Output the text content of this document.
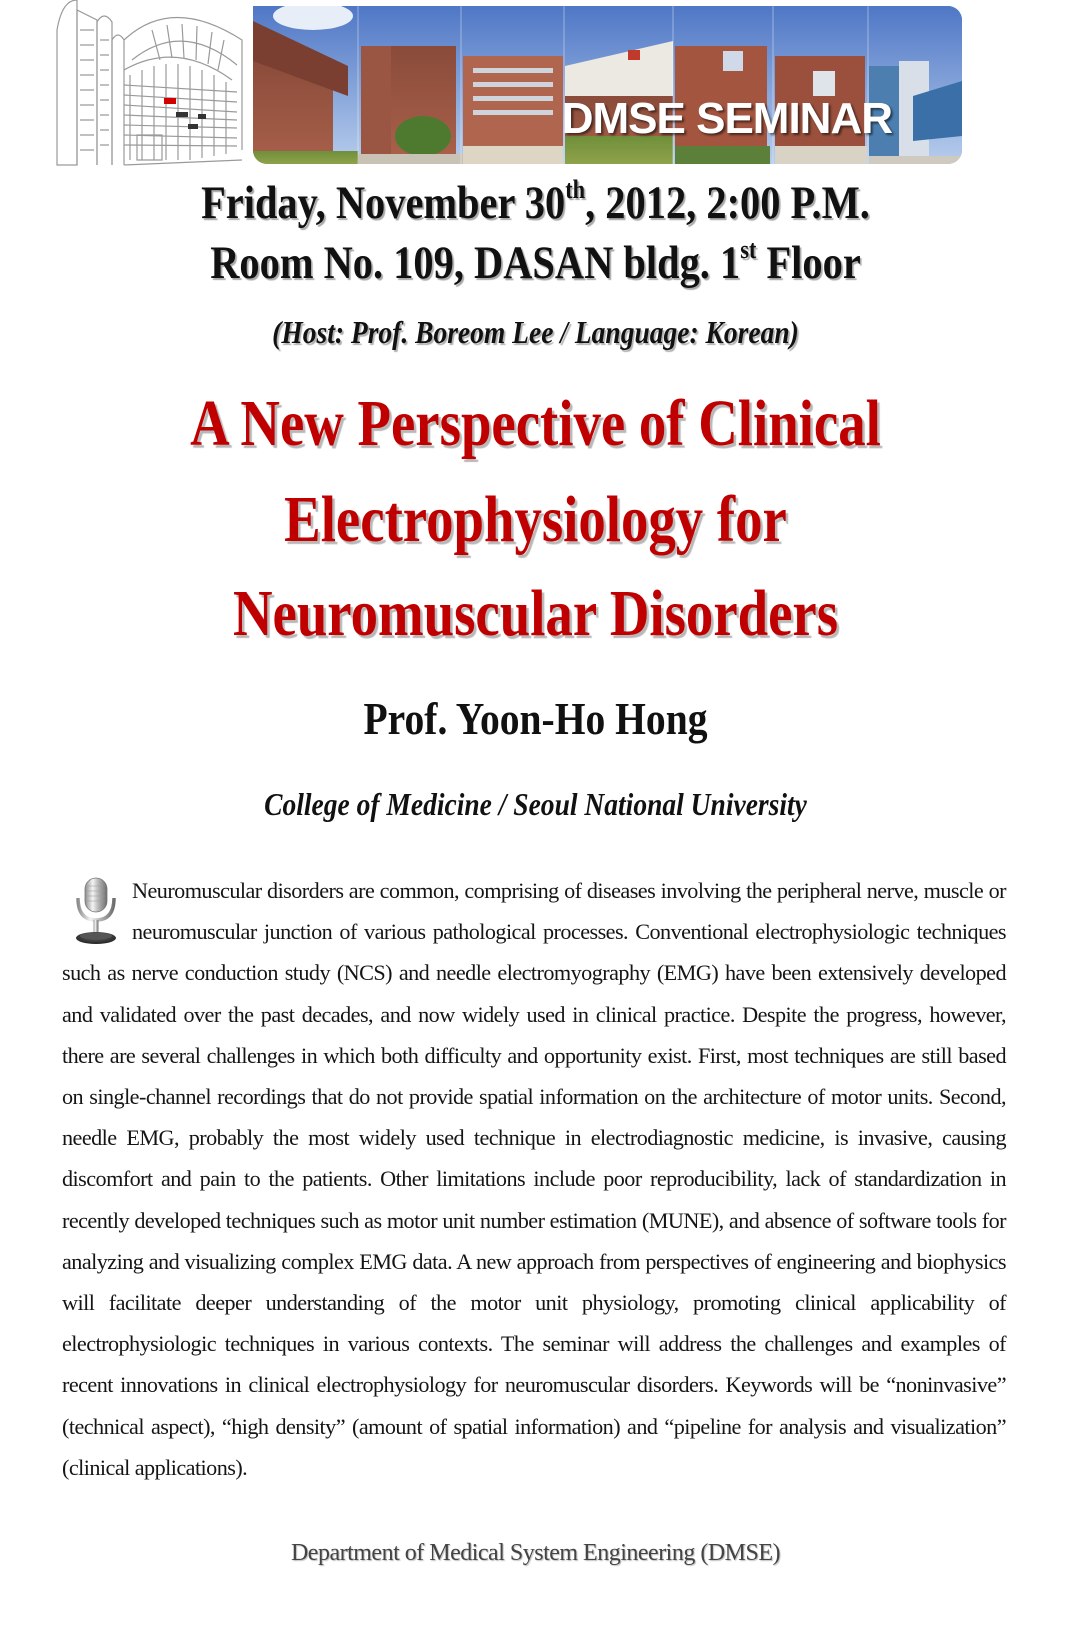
DMSE SEMINAR
Friday, November 30th, 2012, 2:00 P.M.
Room No. 109, DASAN bldg. 1st Floor
(Host: Prof. Boreom Lee / Language: Korean)
A New Perspective of Clinical
Electrophysiology for
Neuromuscular Disorders
Prof. Yoon-Ho Hong
College of Medicine / Seoul National University

Neuromuscular disorders are common, comprising of diseases involving the peripheral nerve, muscle or neuromuscular junction of various pathological processes. Conventional electrophysiologic techniques such as nerve conduction study (NCS) and needle electromyography (EMG) have been extensively developed and validated over the past decades, and now widely used in clinical practice. Despite the progress, however, there are several challenges in which both difficulty and opportunity exist. First, most techniques are still based on single-channel recordings that do not provide spatial information on the architecture of motor units. Second, needle EMG, probably the most widely used technique in electrodiagnostic medicine, is invasive, causing discomfort and pain to the patients. Other limitations include poor reproducibility, lack of standardization in recently developed techniques such as motor unit number estimation (MUNE), and absence of software tools for analyzing and visualizing complex EMG data. A new approach from perspectives of engineering and biophysics will facilitate deeper understanding of the motor unit physiology, promoting clinical applicability of electrophysiologic techniques in various contexts. The seminar will address the challenges and examples of recent innovations in clinical electrophysiology for neuromuscular disorders. Keywords will be “noninvasive” (technical aspect), “high density” (amount of spatial information) and “pipeline for analysis and visualization” (clinical applications).

Department of Medical System Engineering (DMSE)
